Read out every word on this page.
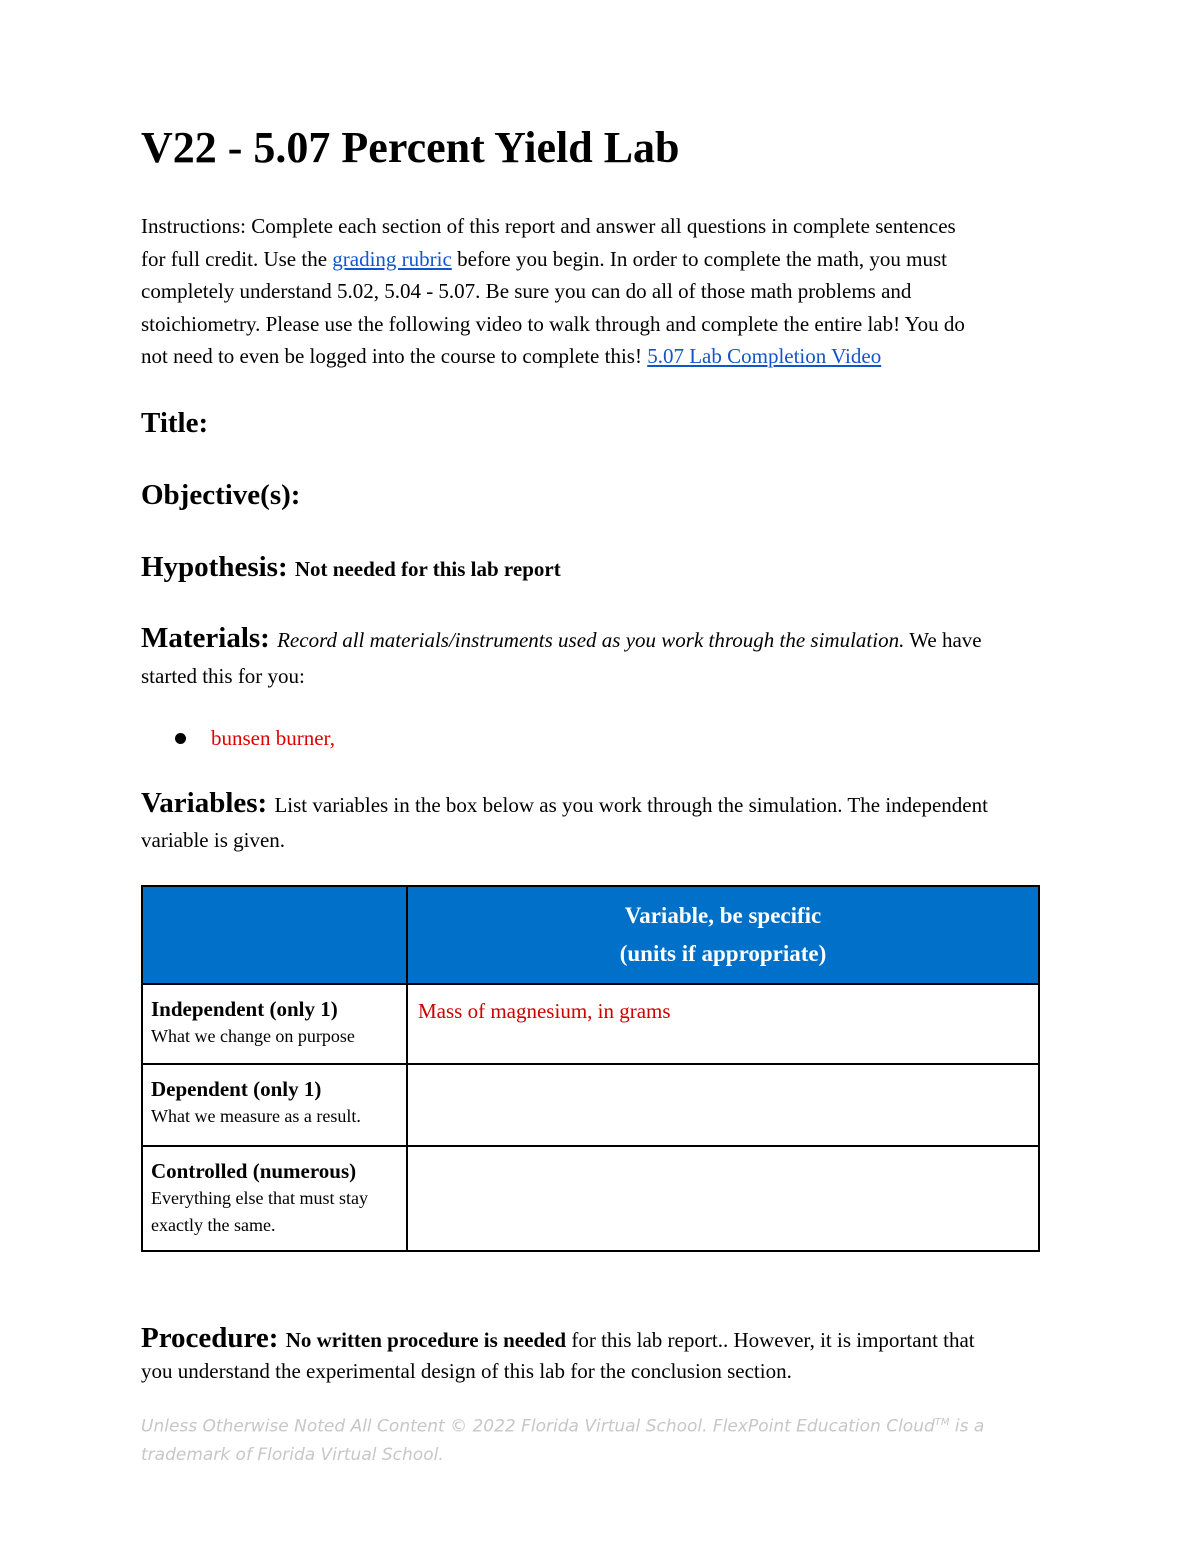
V22 - 5.07 Percent Yield Lab
Instructions: Complete each section of this report and answer all questions in complete sentences
for full credit. Use the grading rubric before you begin. In order to complete the math, you must
completely understand 5.02, 5.04 - 5.07. Be sure you can do all of those math problems and
stoichiometry. Please use the following video to walk through and complete the entire lab! You do
not need to even be logged into the course to complete this! 5.07 Lab Completion Video
Title:
Objective(s):
Hypothesis: Not needed for this lab report
Materials: Record all materials/instruments used as you work through the simulation. We have
started this for you:
bunsen burner,
Variables: List variables in the box below as you work through the simulation. The independent
variable is given.

	Variable, be specific
(units if appropriate)

Independent (only 1)
What we change on purpose	Mass of magnesium, in grams

Dependent (only 1)
What we measure as a result.	

Controlled (numerous)
Everything else that must stay exactly the same.	

Procedure: No written procedure is needed for this lab report.. However, it is important that
you understand the experimental design of this lab for the conclusion section.
Unless Otherwise Noted All Content © 2022 Florida Virtual School. FlexPoint Education Cloud™ is a
trademark of Florida Virtual School.
